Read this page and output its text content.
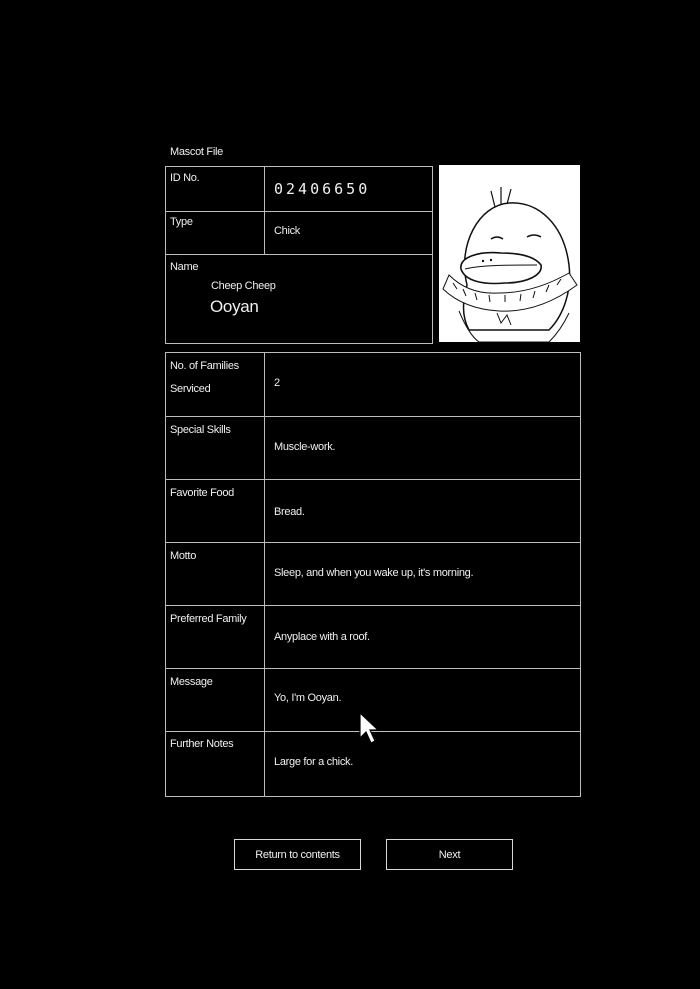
Mascot File
ID No.
02406650
Type
Chick
Name
Cheep Cheep
Ooyan
No. of Families
Serviced	2
Special Skills
Muscle-work.
Favorite Food
Bread.
Motto
Sleep, and when you wake up, it's morning.
Preferred Family
Anyplace with a roof.
Message
Yo, I'm Ooyan.
Further Notes
Large for a chick.
Return to contents	Next
